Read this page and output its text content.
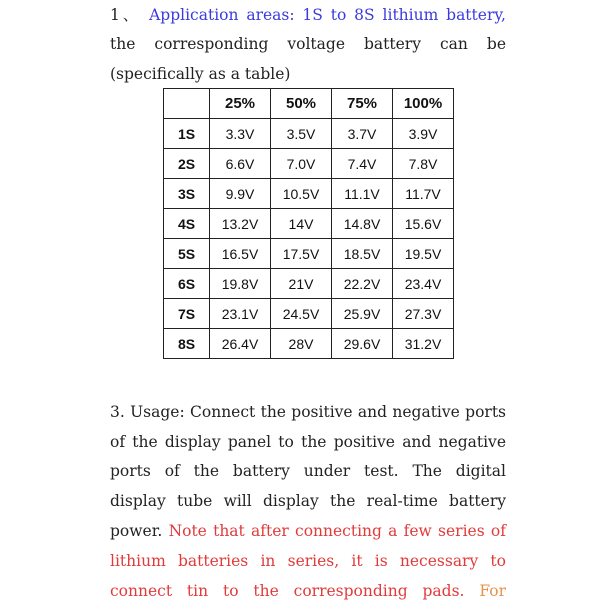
1、 Application areas: 1S to 8S lithium battery,
the corresponding voltage battery can be
(specifically as a table)
	25%	50%	75%	100%
1S	3.3V	3.5V	3.7V	3.9V
2S	6.6V	7.0V	7.4V	7.8V
3S	9.9V	10.5V	11.1V	11.7V
4S	13.2V	14V	14.8V	15.6V
5S	16.5V	17.5V	18.5V	19.5V
6S	19.8V	21V	22.2V	23.4V
7S	23.1V	24.5V	25.9V	27.3V
8S	26.4V	28V	29.6V	31.2V
3. Usage: Connect the positive and negative ports
of the display panel to the positive and negative
ports of the battery under test. The digital
display tube will display the real-time battery
power. Note that after connecting a few series of
lithium batteries in series, it is necessary to
connect tin to the corresponding pads. For
